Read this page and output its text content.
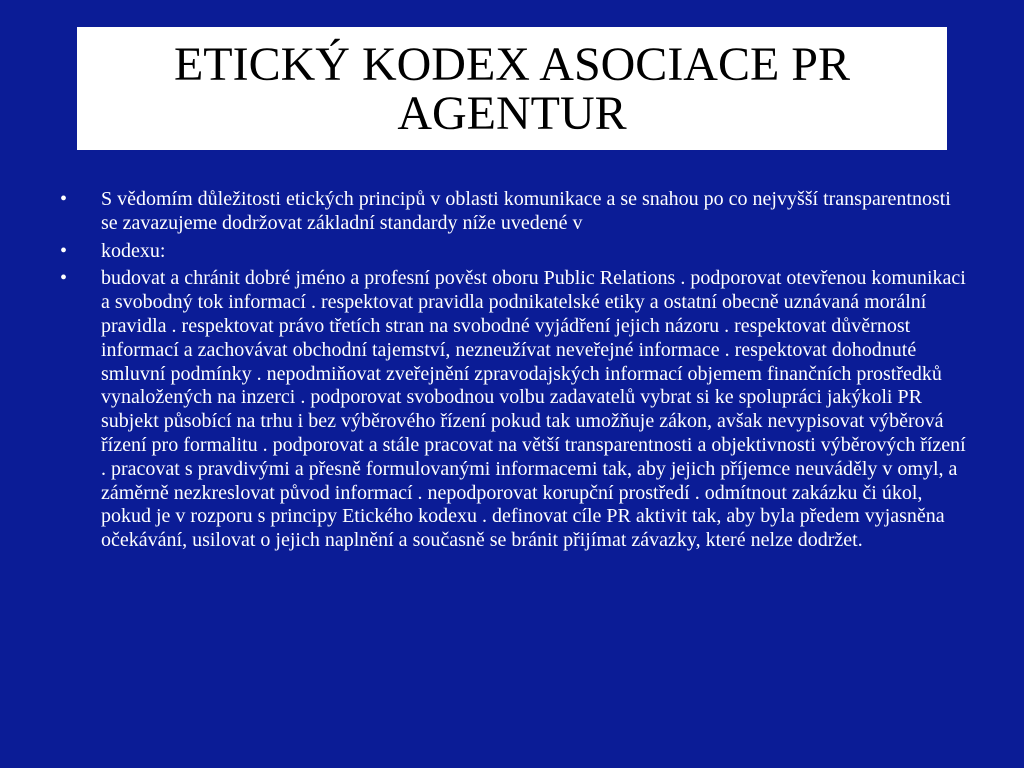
ETICKÝ KODEX ASOCIACE PR AGENTUR
•	S vědomím důležitosti etických principů v oblasti komunikace a se snahou po co nejvyšší transparentnosti se zavazujeme dodržovat základní standardy níže uvedené v
•	kodexu:
•	budovat a chránit dobré jméno a profesní pověst oboru Public Relations . podporovat otevřenou komunikaci a svobodný tok informací . respektovat pravidla podnikatelské etiky a ostatní obecně uznávaná morální pravidla . respektovat právo třetích stran na svobodné vyjádření jejich názoru . respektovat důvěrnost informací a zachovávat obchodní tajemství, nezneužívat neveřejné informace . respektovat dohodnuté smluvní podmínky . nepodmiňovat zveřejnění zpravodajských informací objemem finančních prostředků vynaložených na inzerci . podporovat svobodnou volbu zadavatelů vybrat si ke spolupráci jakýkoli PR subjekt působící na trhu i bez výběrového řízení pokud tak umožňuje zákon, avšak nevypisovat výběrová řízení pro formalitu . podporovat a stále pracovat na větší transparentnosti a objektivnosti výběrových řízení . pracovat s pravdivými a přesně formulovanými informacemi tak, aby jejich příjemce neuváděly v omyl, a záměrně nezkreslovat původ informací . nepodporovat korupční prostředí . odmítnout zakázku či úkol, pokud je v rozporu s principy Etického kodexu . definovat cíle PR aktivit tak, aby byla předem vyjasněna očekávání, usilovat o jejich naplnění a současně se bránit přijímat závazky, které nelze dodržet.
